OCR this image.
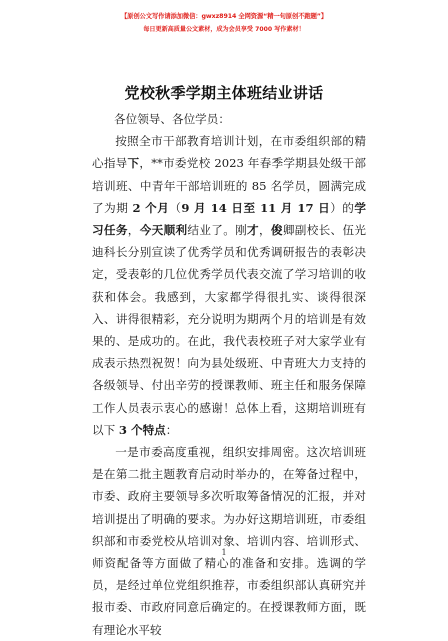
【原创公文写作请添加微信：gwxz8914 全网资源“精一句原创不跑题”】
每日更新高质量公文素材，成为会员享受 7000 写作素材！
党校秋季学期主体班结业讲话

各位领导、各位学员：

按照全市干部教育培训计划，在市委组织部的精心指导下，**市委党校 2023 年春季学期县处级干部培训班、中青年干部培训班的 85 名学员，圆满完成了为期 2 个月（9 月 14 日至 11 月 17 日）的学习任务，今天顺利结业了。刚才，俊卿副校长、伍光迪科长分别宣读了优秀学员和优秀调研报告的表彰决定，受表彰的几位优秀学员代表交流了学习培训的收获和体会。我感到，大家都学得很扎实、谈得很深入、讲得很精彩，充分说明为期两个月的培训是有效果的、是成功的。在此，我代表校班子对大家学业有成表示热烈祝贺！向为县处级班、中青班大力支持的各级领导、付出辛劳的授课教师、班主任和服务保障工作人员表示衷心的感谢！总体上看，这期培训班有以下 3 个特点：

一是市委高度重视，组织安排周密。这次培训班是在第二批主题教育启动时举办的，在筹备过程中，市委、政府主要领导多次听取筹备情况的汇报，并对培训提出了明确的要求。为办好这期培训班，市委组织部和市委党校从培训对象、培训内容、培训形式、师资配备等方面做了精心的准备和安排。选调的学员，是经过单位党组织推荐，市委组织部认真研究并报市委、市政府同意后确定的。在授课教师方面，既有理论水平较

1
